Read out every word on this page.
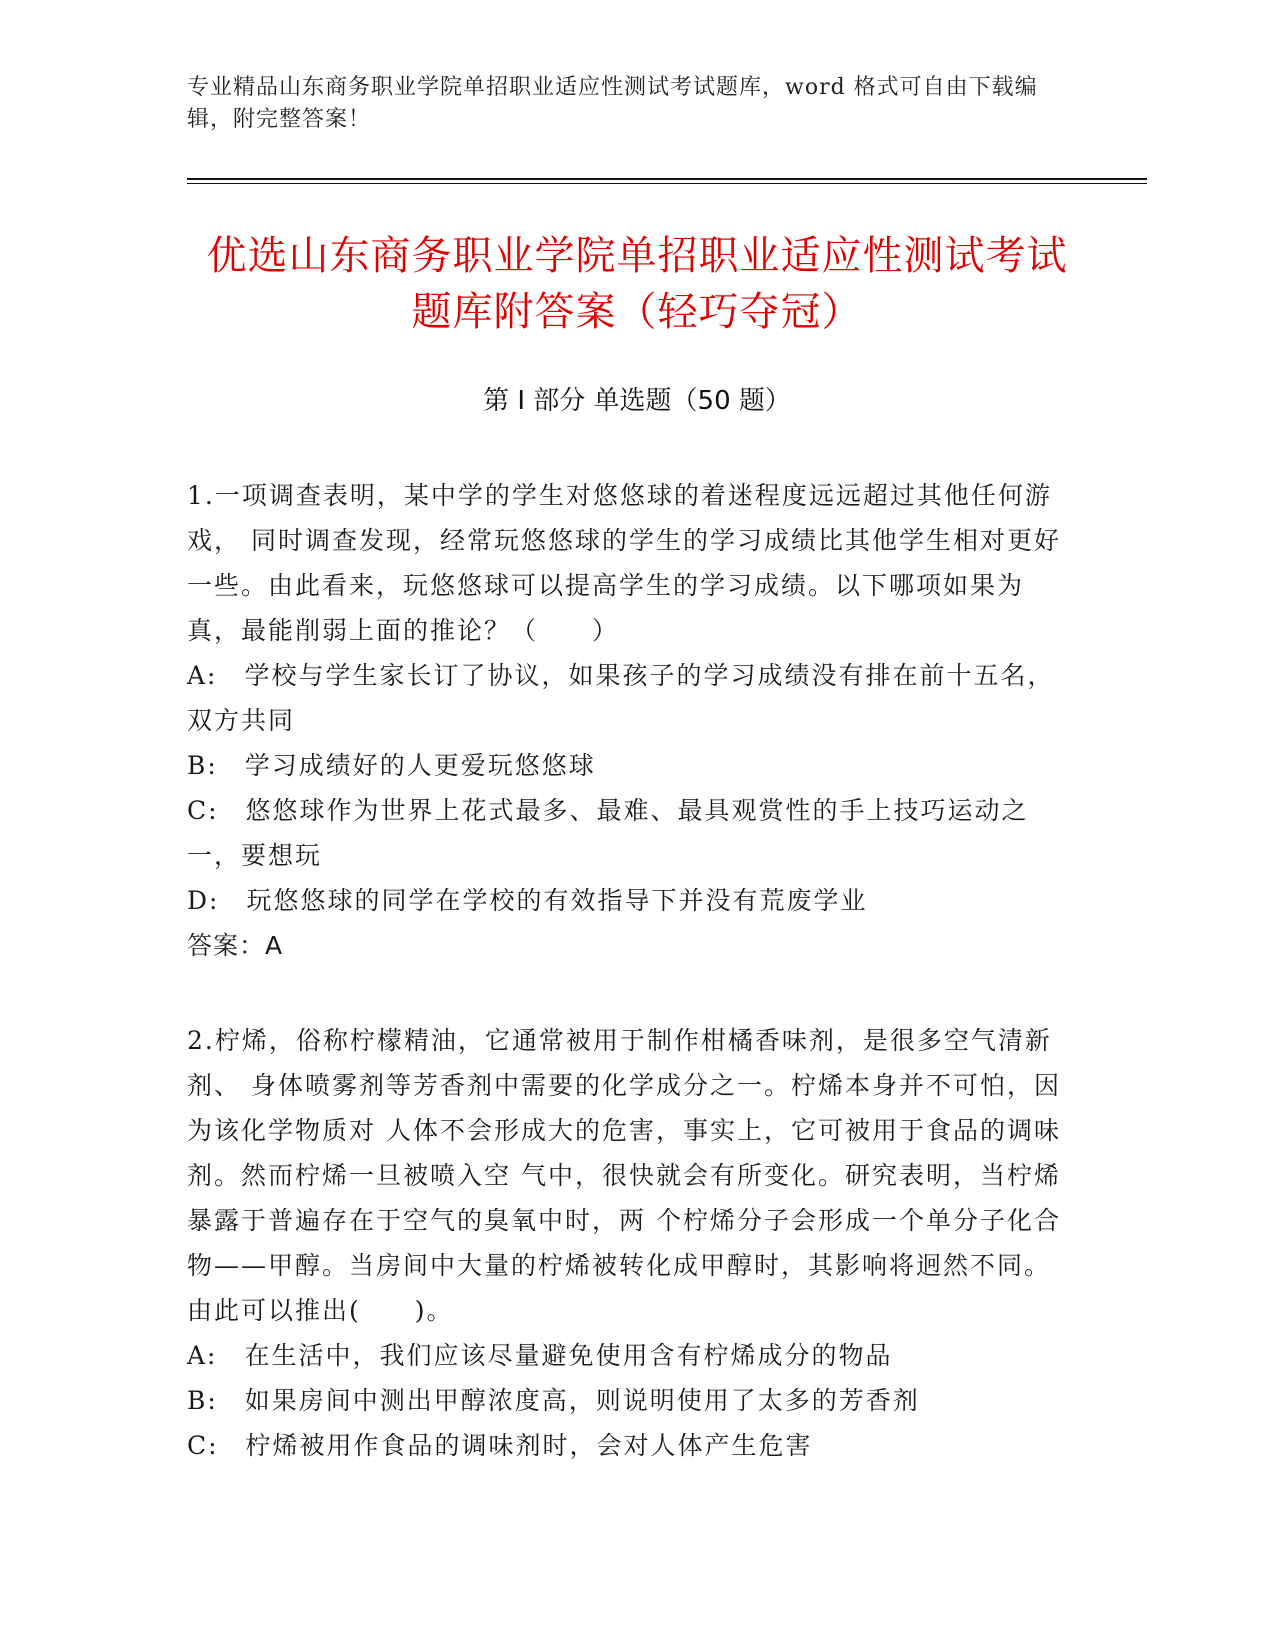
专业精品山东商务职业学院单招职业适应性测试考试题库，word 格式可自由下载编辑，附完整答案！
优选山东商务职业学院单招职业适应性测试考试题库附答案（轻巧夺冠）
第 I 部分 单选题（50 题）

1.一项调查表明，某中学的学生对悠悠球的着迷程度远远超过其他任何游戏， 同时调查发现，经常玩悠悠球的学生的学习成绩比其他学生相对更好一些。由此看来，玩悠悠球可以提高学生的学习成绩。以下哪项如果为真，最能削弱上面的推论？（　　）

A:　学校与学生家长订了协议，如果孩子的学习成绩没有排在前十五名，双方共同

B:　学习成绩好的人更爱玩悠悠球

C:　悠悠球作为世界上花式最多、最难、最具观赏性的手上技巧运动之一，要想玩

D:　玩悠悠球的同学在学校的有效指导下并没有荒废学业

答案：A

2.柠烯，俗称柠檬精油，它通常被用于制作柑橘香味剂，是很多空气清新剂、 身体喷雾剂等芳香剂中需要的化学成分之一。柠烯本身并不可怕，因为该化学物质对 人体不会形成大的危害，事实上，它可被用于食品的调味剂。然而柠烯一旦被喷入空 气中，很快就会有所变化。研究表明，当柠烯暴露于普遍存在于空气的臭氧中时，两 个柠烯分子会形成一个单分子化合物——甲醇。当房间中大量的柠烯被转化成甲醇时，其影响将迥然不同。由此可以推出(　　)。

A:　在生活中，我们应该尽量避免使用含有柠烯成分的物品

B:　如果房间中测出甲醇浓度高，则说明使用了太多的芳香剂

C:　柠烯被用作食品的调味剂时，会对人体产生危害
